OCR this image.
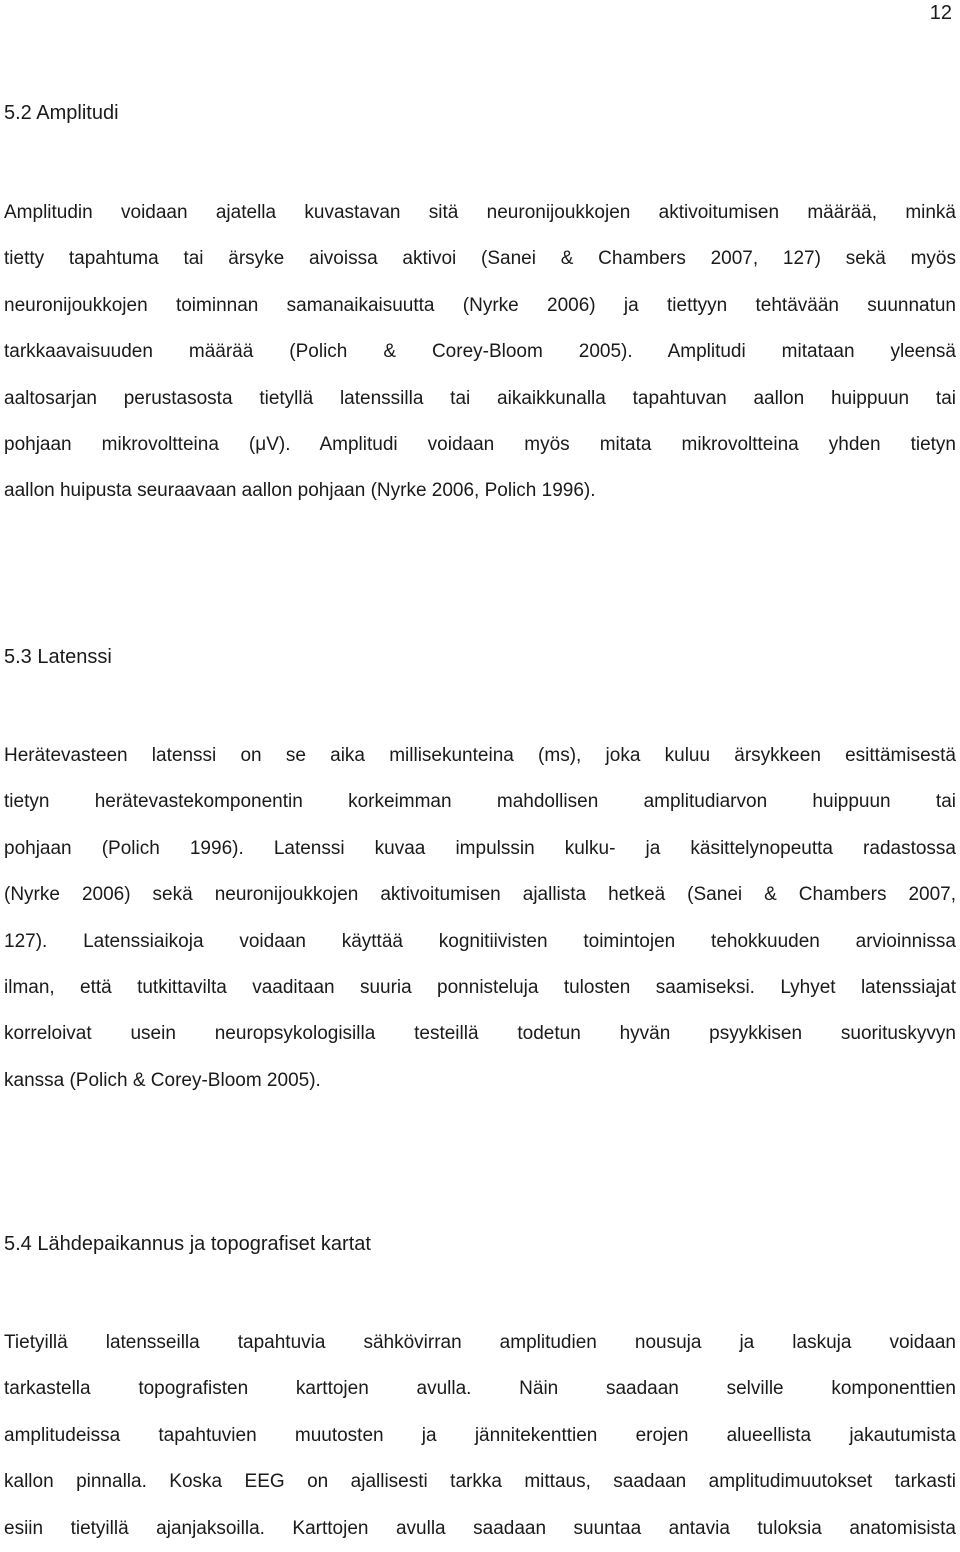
12
5.2 Amplitudi
Amplitudin voidaan ajatella kuvastavan sitä neuronijoukkojen aktivoitumisen määrää, minkä
tietty tapahtuma tai ärsyke aivoissa aktivoi (Sanei & Chambers 2007, 127) sekä myös
neuronijoukkojen toiminnan samanaikaisuutta (Nyrke 2006) ja tiettyyn tehtävään suunnatun
tarkkaavaisuuden määrää (Polich & Corey-Bloom 2005). Amplitudi mitataan yleensä
aaltosarjan perustasosta tietyllä latenssilla tai aikaikkunalla tapahtuvan aallon huippuun tai
pohjaan mikrovoltteina (μV). Amplitudi voidaan myös mitata mikrovoltteina yhden tietyn
aallon huipusta seuraavaan aallon pohjaan (Nyrke 2006, Polich 1996).
5.3 Latenssi
Herätevasteen latenssi on se aika millisekunteina (ms), joka kuluu ärsykkeen esittämisestä
tietyn herätevastekomponentin korkeimman mahdollisen amplitudiarvon huippuun tai
pohjaan (Polich 1996). Latenssi kuvaa impulssin kulku- ja käsittelynopeutta radastossa
(Nyrke 2006) sekä neuronijoukkojen aktivoitumisen ajallista hetkeä (Sanei & Chambers 2007,
127). Latenssiaikoja voidaan käyttää kognitiivisten toimintojen tehokkuuden arvioinnissa
ilman, että tutkittavilta vaaditaan suuria ponnisteluja tulosten saamiseksi. Lyhyet latenssiajat
korreloivat usein neuropsykologisilla testeillä todetun hyvän psyykkisen suorituskyvyn
kanssa (Polich & Corey-Bloom 2005).
5.4 Lähdepaikannus ja topografiset kartat
Tietyillä latensseilla tapahtuvia sähkövirran amplitudien nousuja ja laskuja voidaan
tarkastella topografisten karttojen avulla. Näin saadaan selville komponenttien
amplitudeissa tapahtuvien muutosten ja jännitekenttien erojen alueellista jakautumista
kallon pinnalla. Koska EEG on ajallisesti tarkka mittaus, saadaan amplitudimuutokset tarkasti
esiin tietyillä ajanjaksoilla. Karttojen avulla saadaan suuntaa antavia tuloksia anatomisista
